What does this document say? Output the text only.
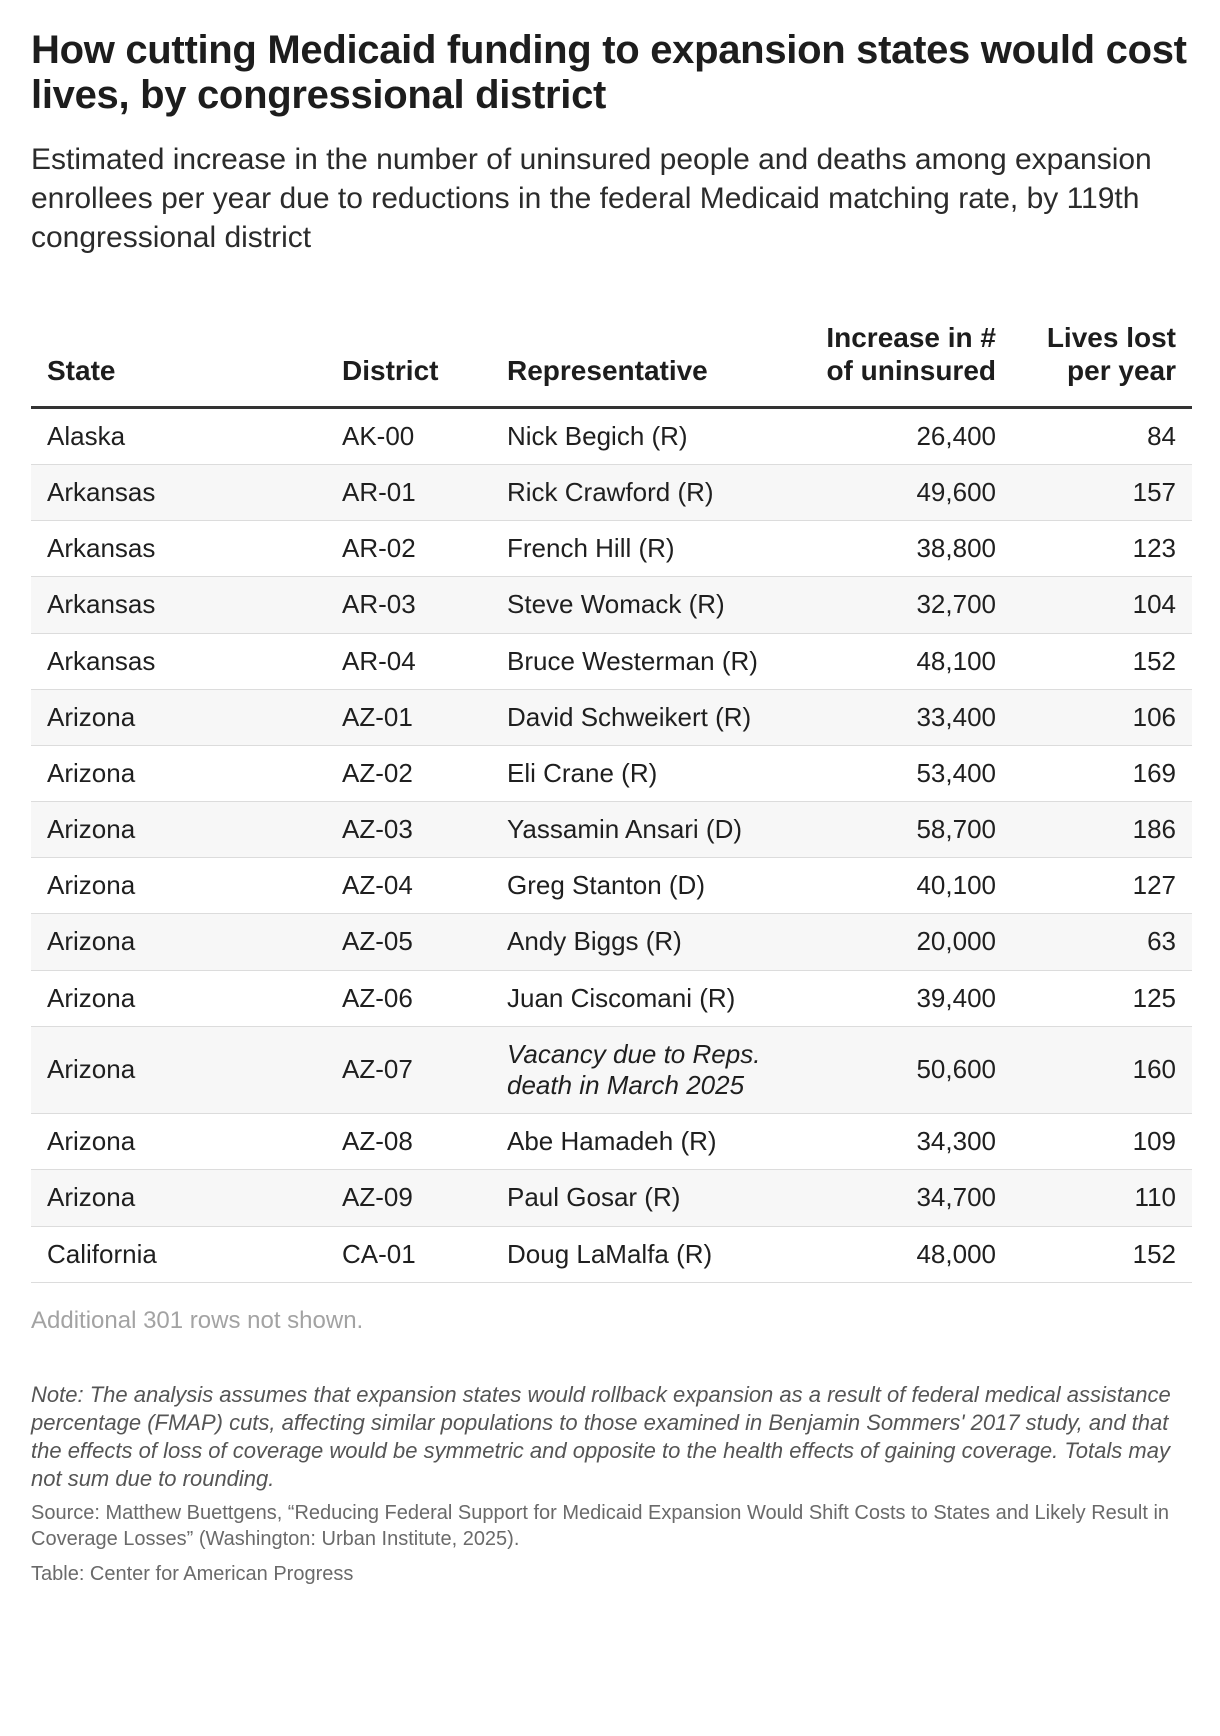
How cutting Medicaid funding to expansion states would cost lives, by congressional district

Estimated increase in the number of uninsured people and deaths among expansion enrollees per year due to reductions in the federal Medicaid matching rate, by 119th congressional district

State	District	Representative	Increase in # of uninsured	Lives lost per year
Alaska	AK-00	Nick Begich (R)	26,400	84
Arkansas	AR-01	Rick Crawford (R)	49,600	157
Arkansas	AR-02	French Hill (R)	38,800	123
Arkansas	AR-03	Steve Womack (R)	32,700	104
Arkansas	AR-04	Bruce Westerman (R)	48,100	152
Arizona	AZ-01	David Schweikert (R)	33,400	106
Arizona	AZ-02	Eli Crane (R)	53,400	169
Arizona	AZ-03	Yassamin Ansari (D)	58,700	186
Arizona	AZ-04	Greg Stanton (D)	40,100	127
Arizona	AZ-05	Andy Biggs (R)	20,000	63
Arizona	AZ-06	Juan Ciscomani (R)	39,400	125
Arizona	AZ-07	Vacancy due to Reps. death in March 2025	50,600	160
Arizona	AZ-08	Abe Hamadeh (R)	34,300	109
Arizona	AZ-09	Paul Gosar (R)	34,700	110
California	CA-01	Doug LaMalfa (R)	48,000	152

Additional 301 rows not shown.

Note: The analysis assumes that expansion states would rollback expansion as a result of federal medical assistance percentage (FMAP) cuts, affecting similar populations to those examined in Benjamin Sommers' 2017 study, and that the effects of loss of coverage would be symmetric and opposite to the health effects of gaining coverage. Totals may not sum due to rounding.

Source: Matthew Buettgens, “Reducing Federal Support for Medicaid Expansion Would Shift Costs to States and Likely Result in Coverage Losses” (Washington: Urban Institute, 2025).

Table: Center for American Progress
